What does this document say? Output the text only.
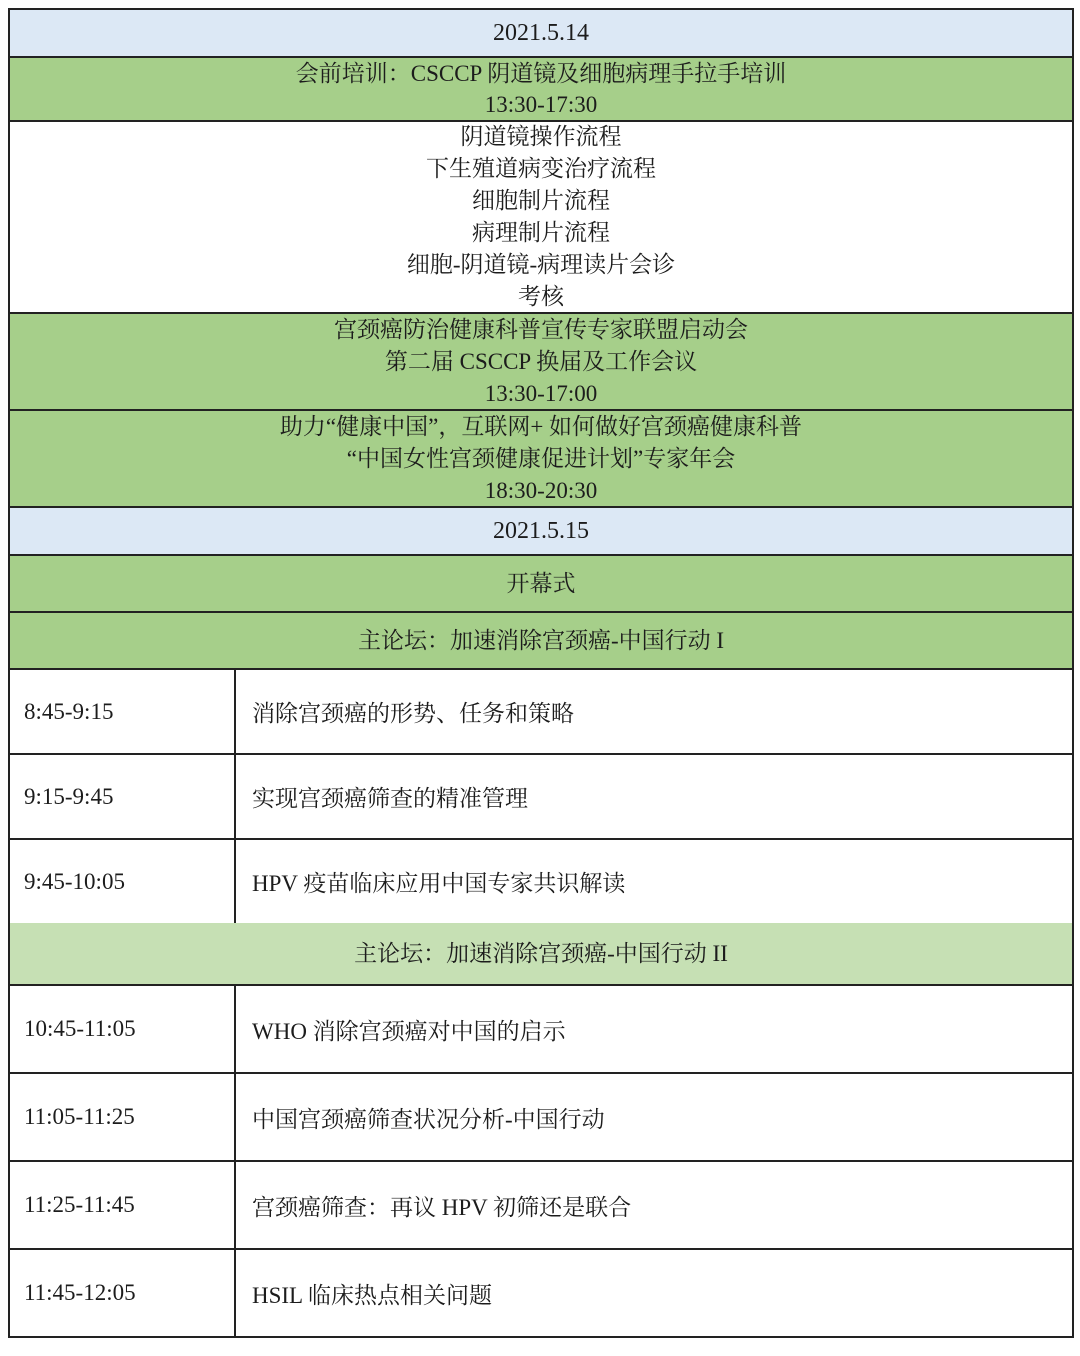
2021.5.14
会前培训：CSCCP 阴道镜及细胞病理手拉手培训
13:30-17:30
阴道镜操作流程
下生殖道病变治疗流程
细胞制片流程
病理制片流程
细胞-阴道镜-病理读片会诊
考核
宫颈癌防治健康科普宣传专家联盟启动会
第二届 CSCCP 换届及工作会议
13:30-17:00
助力“健康中国”，互联网+ 如何做好宫颈癌健康科普
“中国女性宫颈健康促进计划”专家年会
18:30-20:30
2021.5.15
开幕式
主论坛：加速消除宫颈癌-中国行动 I
8:45-9:15	消除宫颈癌的形势、任务和策略
9:15-9:45	实现宫颈癌筛查的精准管理
9:45-10:05	HPV 疫苗临床应用中国专家共识解读
主论坛：加速消除宫颈癌-中国行动 II
10:45-11:05	WHO 消除宫颈癌对中国的启示
11:05-11:25	中国宫颈癌筛查状况分析-中国行动
11:25-11:45	宫颈癌筛查：再议 HPV 初筛还是联合
11:45-12:05	HSIL 临床热点相关问题
